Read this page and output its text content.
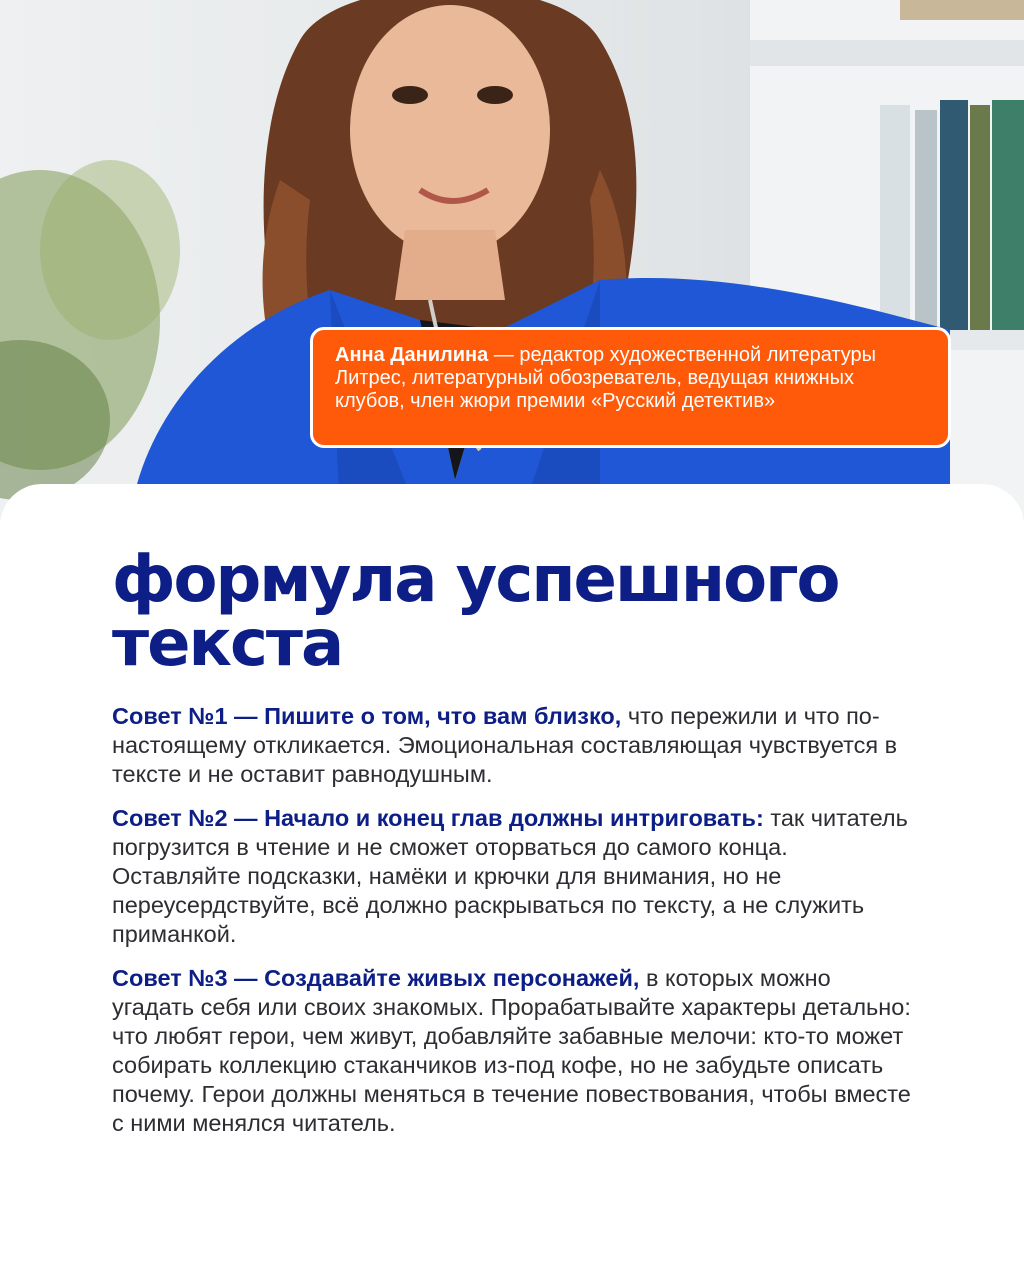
Анна Данилина — редактор художественной литературы Литрес, литературный обозреватель, ведущая книжных клубов, член жюри премии «Русский детектив»
формула успешного текста

Совет №1 — Пишите о том, что вам близко, что пережили и что по-настоящему откликается. Эмоциональная составляющая чувствуется в тексте и не оставит равнодушным.

Совет №2 — Начало и конец глав должны интриговать: так читатель погрузится в чтение и не сможет оторваться до самого конца. Оставляйте подсказки, намёки и крючки для внимания, но не переусердствуйте, всё должно раскрываться по тексту, а не служить приманкой.

Совет №3 — Создавайте живых персонажей, в которых можно угадать себя или своих знакомых. Прорабатывайте характеры детально: что любят герои, чем живут, добавляйте забавные мелочи: кто-то может собирать коллекцию стаканчиков из-под кофе, но не забудьте описать почему. Герои должны меняться в течение повествования, чтобы вместе с ними менялся читатель.
